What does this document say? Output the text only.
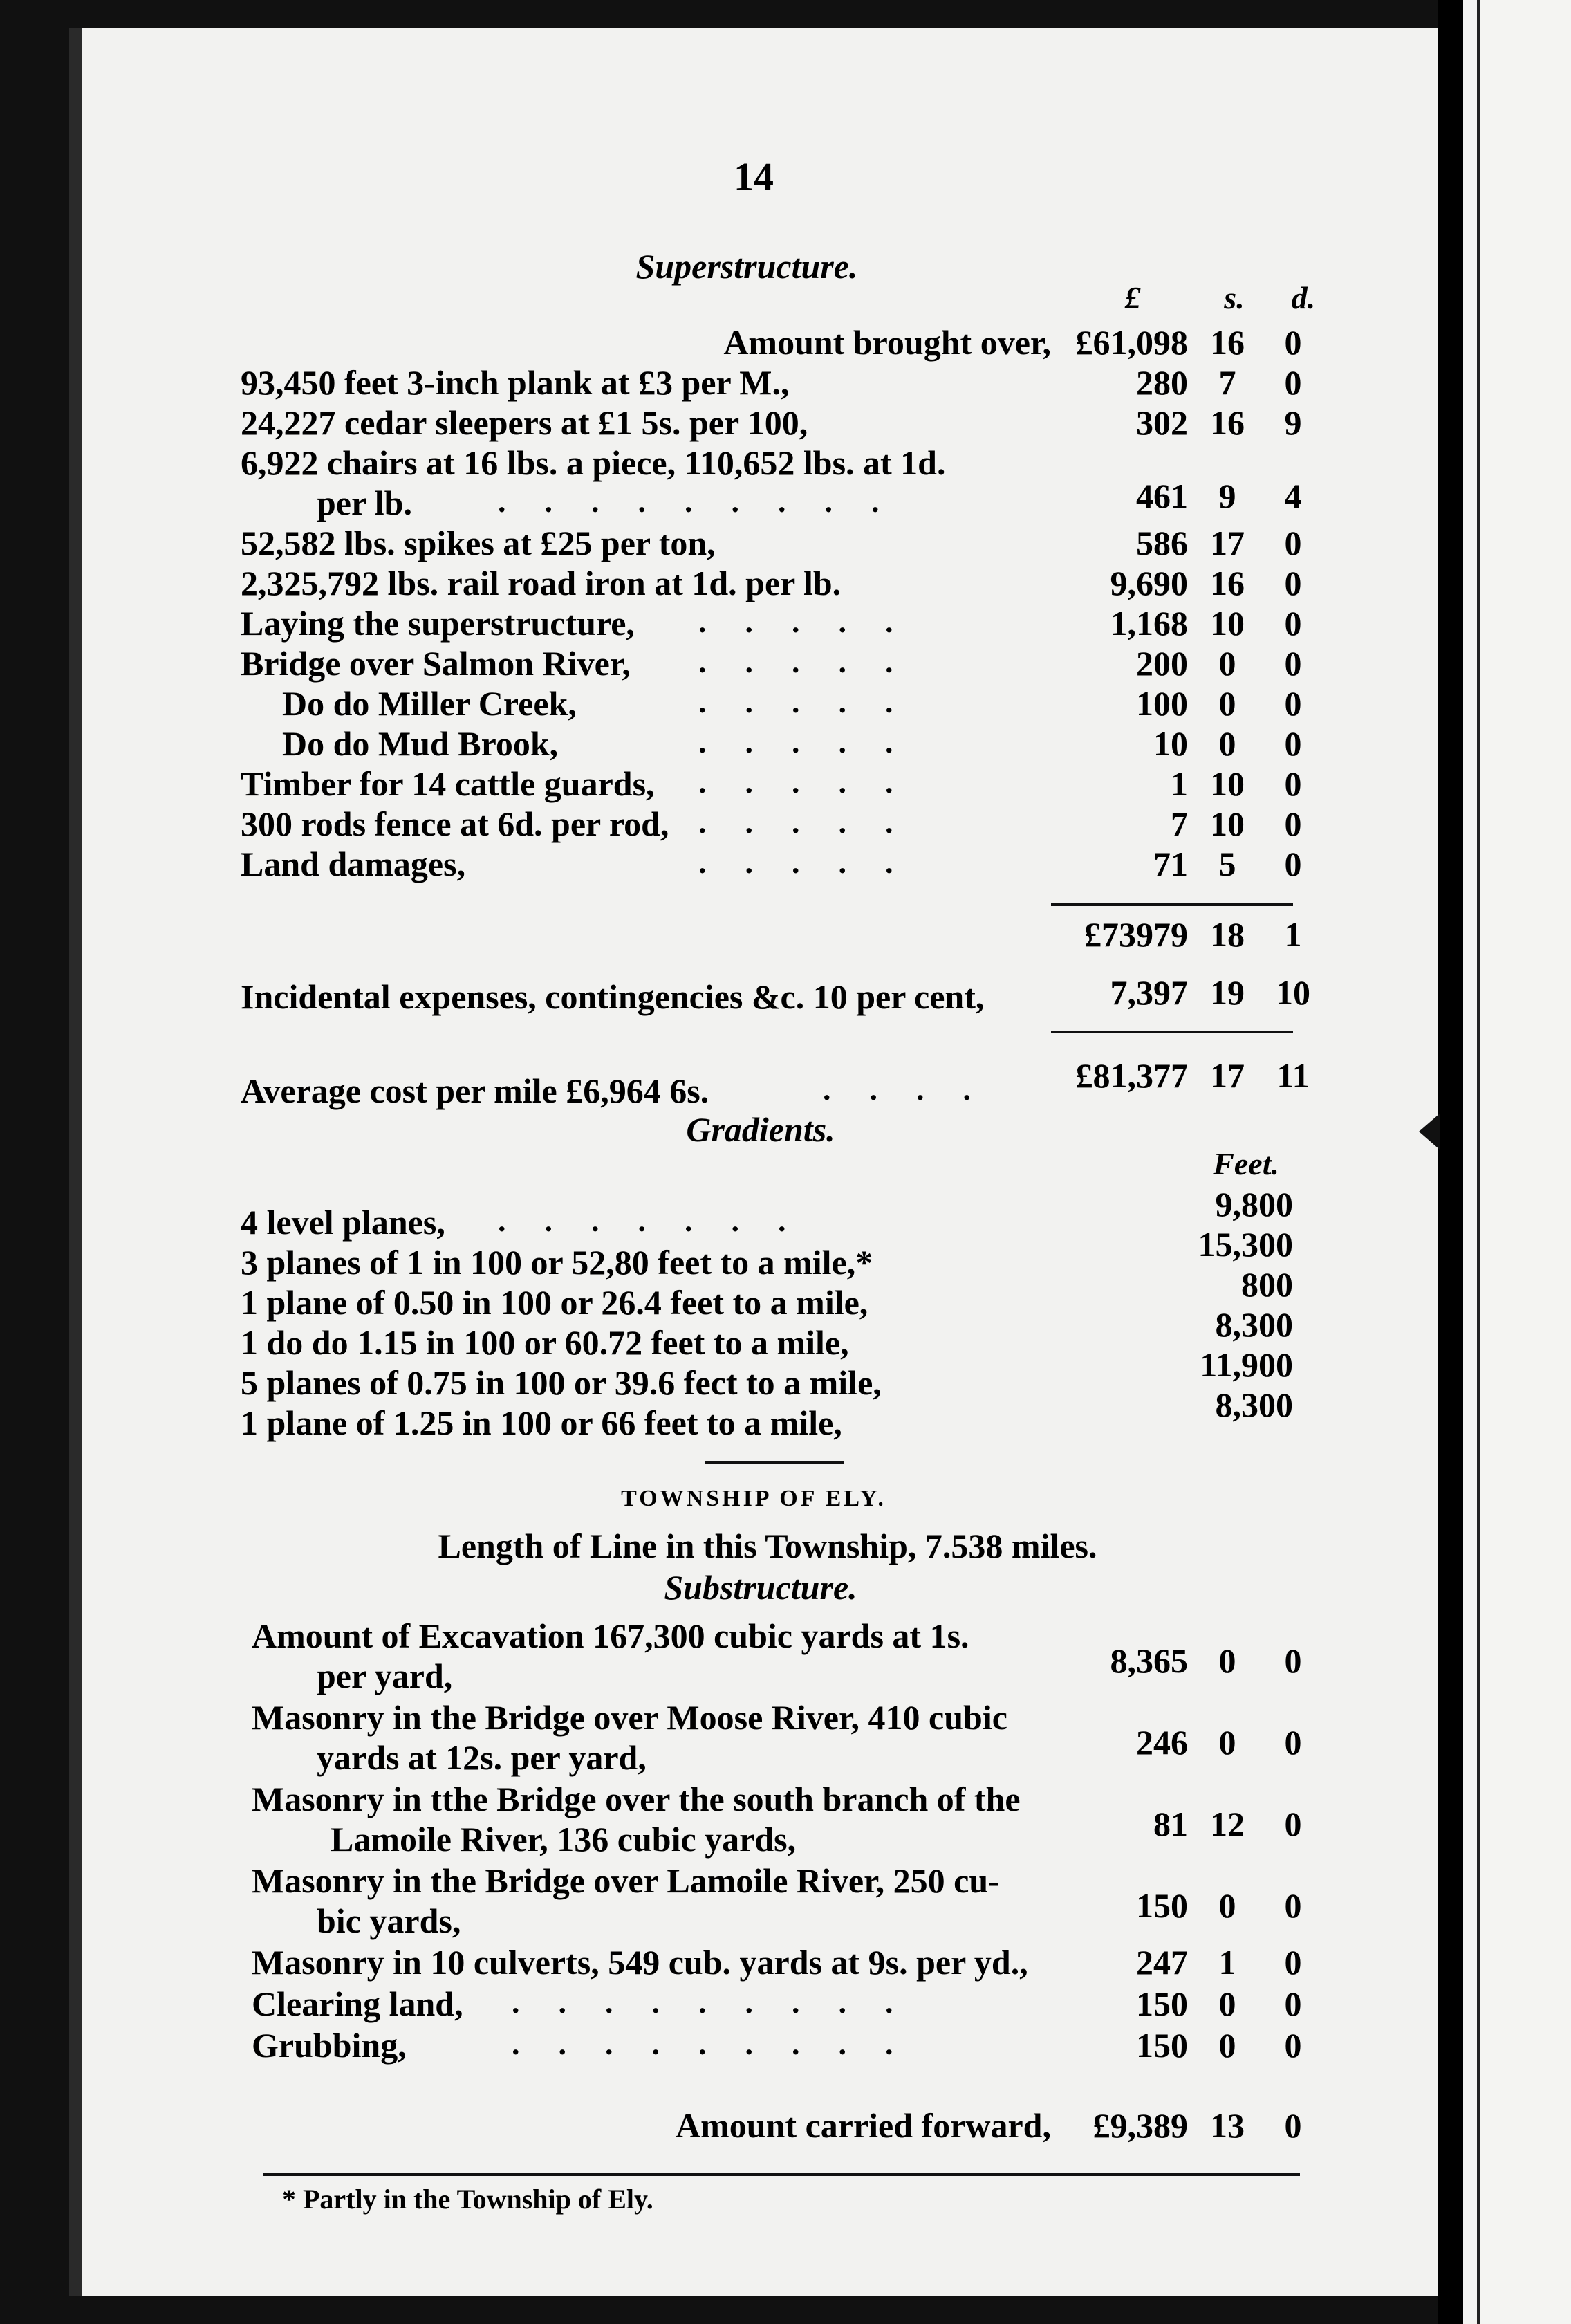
14
Superstructure.
£	s.	d.
Amount brought over, £61,098 16	0
93,450 feet 3-inch plank at £3 per M.,	280 7	0
24,227 cedar sleepers at £1 5s. per 100,	302 16	9
6,922 chairs at 16 lbs. a piece, 110,652 lbs. at 1d.
per lb.	.........	461 9	4
52,582 lbs. spikes at £25 per ton,	586 17	0
2,325,792 lbs. rail road iron at 1d. per lb.	9,690 16	0
Laying the superstructure,	1,168 10	0
.....
Bridge over Salmon River,	200 0	0
.....
Do do Miller Creek,	100 0	0
.....
Do do Mud Brook,	10 0	0
.....
Timber for 14 cattle guards,	1 10	0
.....
300 rods fence at 6d. per rod,	7 10	0
.....
Land damages,	71 5	0
.....
£73979 18	1
Incidental expenses, contingencies &c. 10 per cent,	7,397 19 10
Average cost per mile £6,964 6s.	....	£81,377 17 11
Gradients.
Feet.
4 level planes,	9,800
3 planes of 1 in 100 or 52,80 feet to a mile,*	15,300
1 plane of 0.50 in 100 or 26.4 feet to a mile,	800
1 do do 1.15 in 100 or 60.72 feet to a mile,	8,300
5 planes of 0.75 in 100 or 39.6 fect to a mile,	11,900
1 plane of 1.25 in 100 or 66 feet to a mile,	8,300
.......
TOWNSHIP OF ELY.
Length of Line in this Township, 7.538 miles.
Substructure.
Amount of Excavation 167,300 cubic yards at 1s.
per yard,	8,365 0	0
Masonry in the Bridge over Moose River, 410 cubic
yards at 12s. per yard,	246 0	0
Masonry in tthe Bridge over the south branch of the
Lamoile River, 136 cubic yards,	81 12	0
Masonry in the Bridge over Lamoile River, 250 cu-
bic yards,	150 0	0
Masonry in 10 culverts, 549 cub. yards at 9s. per yd.,	247 1	0
Clearing land,	150 0	0
.........
Grubbing,	150 0	0
.........
Amount carried forward,	£9,389 13	0
* Partly in the Township of Ely.
